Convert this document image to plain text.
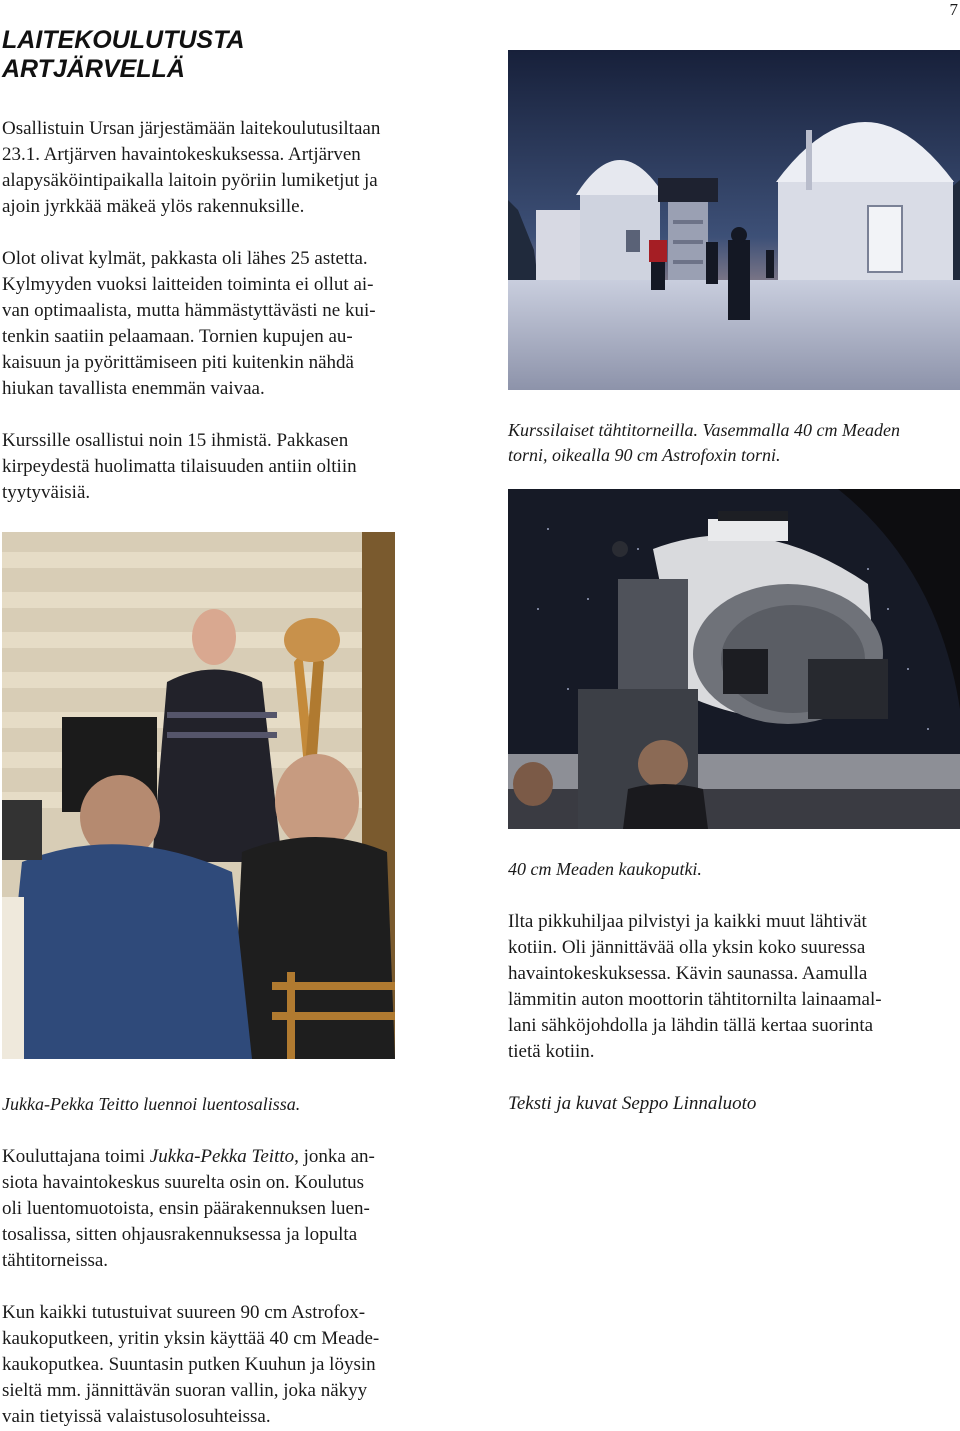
7
LAITEKOULUTUSTA
ARTJÄRVELLÄ
Osallistuin Ursan järjestämään laitekoulutusiltaan
23.1. Artjärven havaintokeskuksessa. Artjärven
alapysäköintipaikalla laitoin pyöriin lumiketjut ja
ajoin jyrkkää mäkeä ylös rakennuksille.
Olot olivat kylmät, pakkasta oli lähes 25 astetta.
Kylmyyden vuoksi laitteiden toiminta ei ollut ai-
van optimaalista, mutta hämmästyttävästi ne kui-
tenkin saatiin pelaamaan. Tornien kupujen au-
kaisuun ja pyörittämiseen piti kuitenkin nähdä
hiukan tavallista enemmän vaivaa.
Kurssille osallistui noin 15 ihmistä. Pakkasen
kirpeydestä huolimatta tilaisuuden antiin oltiin
tyytyväisiä.
Jukka-Pekka Teitto luennoi luentosalissa.
Kouluttajana toimi Jukka-Pekka Teitto, jonka an-
siota havaintokeskus suurelta osin on. Koulutus
oli luentomuotoista, ensin päärakennuksen luen-
tosalissa, sitten ohjausrakennuksessa ja lopulta
tähtitorneissa.
Kun kaikki tutustuivat suureen 90 cm Astrofox-
kaukoputkeen, yritin yksin käyttää 40 cm Meade-
kaukoputkea. Suuntasin putken Kuuhun ja löysin
sieltä mm. jännittävän suoran vallin, joka näkyy
vain tietyissä valaistusolosuhteissa.
Kurssilaiset tähtitorneilla. Vasemmalla 40 cm Meaden
torni, oikealla 90 cm Astrofoxin torni.
40 cm Meaden kaukoputki.
Ilta pikkuhiljaa pilvistyi ja kaikki muut lähtivät
kotiin. Oli jännittävää olla yksin koko suuressa
havaintokeskuksessa. Kävin saunassa. Aamulla
lämmitin auton moottorin tähtitornilta lainaamal-
lani sähköjohdolla ja lähdin tällä kertaa suorinta
tietä kotiin.
Teksti ja kuvat Seppo Linnaluoto
